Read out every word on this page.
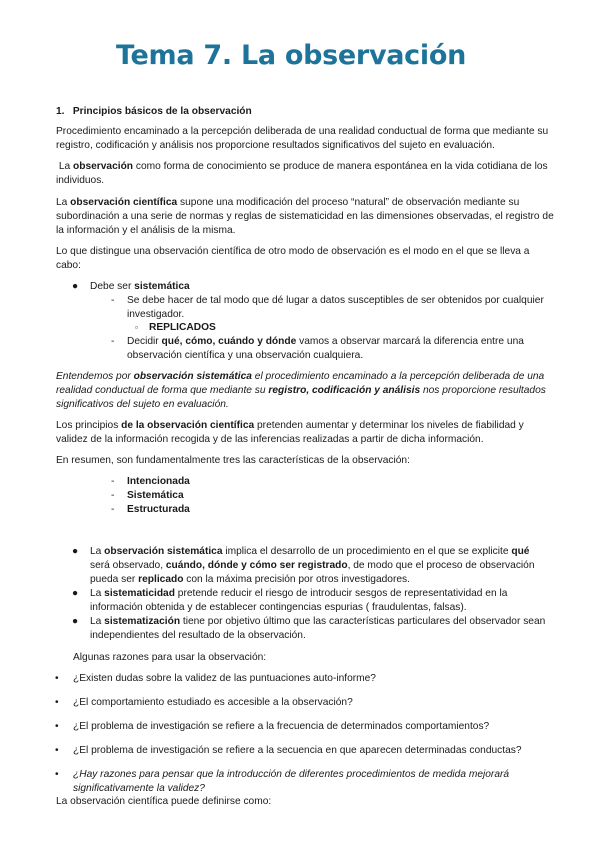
Tema 7. La observación
1. Principios básicos de la observación

Procedimiento encaminado a la percepción deliberada de una realidad conductual de forma que mediante su registro, codificación y análisis nos proporcione resultados significativos del sujeto en evaluación.

La observación como forma de conocimiento se produce de manera espontánea en la vida cotidiana de los individuos.

La observación científica supone una modificación del proceso “natural” de observación mediante su subordinación a una serie de normas y reglas de sistematicidad en las dimensiones observadas, el registro de la información y el análisis de la misma.

Lo que distingue una observación científica de otro modo de observación es el modo en el que se lleva a cabo:

● Debe ser sistemática
- Se debe hacer de tal modo que dé lugar a datos susceptibles de ser obtenidos por cualquier investigador.
▫ REPLICADOS
- Decidir qué, cómo, cuándo y dónde vamos a observar marcará la diferencia entre una observación científica y una observación cualquiera.

Entendemos por observación sistemática el procedimiento encaminado a la percepción deliberada de una realidad conductual de forma que mediante su registro, codificación y análisis nos proporcione resultados significativos del sujeto en evaluación.

Los principios de la observación científica pretenden aumentar y determinar los niveles de fiabilidad y validez de la información recogida y de las inferencias realizadas a partir de dicha información.

En resumen, son fundamentalmente tres las características de la observación:

- Intencionada
- Sistemática
- Estructurada
● La observación sistemática implica el desarrollo de un procedimiento en el que se explicite qué será observado, cuándo, dónde y cómo ser registrado, de modo que el proceso de observación pueda ser replicado con la máxima precisión por otros investigadores.
● La sistematicidad pretende reducir el riesgo de introducir sesgos de representatividad en la información obtenida y de establecer contingencias espurias ( fraudulentas, falsas).
● La sistematización tiene por objetivo último que las características particulares del observador sean independientes del resultado de la observación.

Algunas razones para usar la observación:

• ¿Existen dudas sobre la validez de las puntuaciones auto-informe?
• ¿El comportamiento estudiado es accesible a la observación?
• ¿El problema de investigación se refiere a la frecuencia de determinados comportamientos?
• ¿El problema de investigación se refiere a la secuencia en que aparecen determinadas conductas?
• ¿Hay razones para pensar que la introducción de diferentes procedimientos de medida mejorará significativamente la validez?

La observación científica puede definirse como:
